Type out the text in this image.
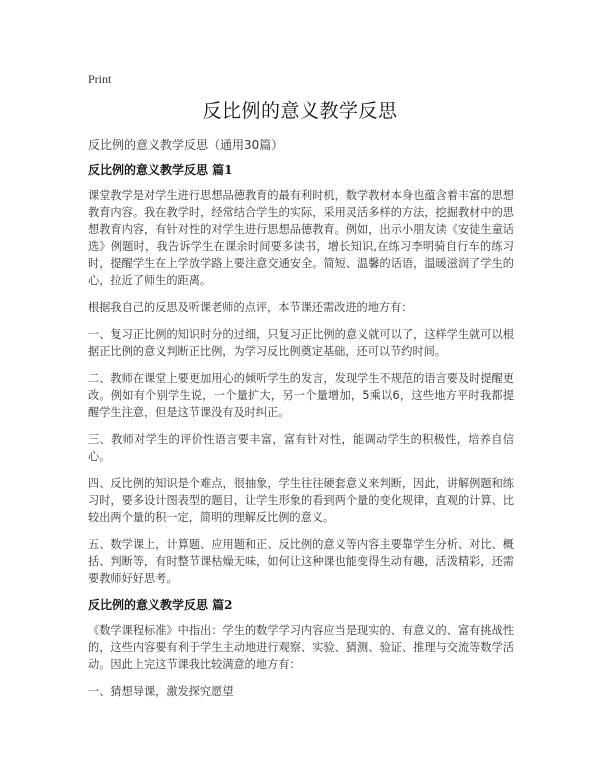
Print
反比例的意义教学反思
反比例的意义教学反思（通用30篇）
反比例的意义教学反思 篇1

课堂教学是对学生进行思想品德教育的最有利时机，数学教材本身也蕴含着丰富的思想教育内容。我在教学时，经常结合学生的实际，采用灵活多样的方法，挖掘教材中的思想教育内容，有针对性的对学生进行思想品德教育。例如，出示小朋友读《安徒生童话选》例题时，我告诉学生在课余时间要多读书，增长知识,在练习李明骑自行车的练习时，提醒学生在上学放学路上要注意交通安全。简短、温馨的话语，温暖滋润了学生的心，拉近了师生的距离。

根据我自己的反思及听课老师的点评，本节课还需改进的地方有：

一、复习正比例的知识时分的过细，只复习正比例的意义就可以了，这样学生就可以根据正比例的意义判断正比例，为学习反比例奠定基础，还可以节约时间。

二、教师在课堂上要更加用心的倾听学生的发言，发现学生不规范的语言要及时提醒更改。例如有个别学生说，一个量扩大，另一个量增加，5乘以6，这些地方平时我都提醒学生注意，但是这节课没有及时纠正。

三、教师对学生的评价性语言要丰富，富有针对性，能调动学生的积极性，培养自信心。

四、反比例的知识是个难点，很抽象，学生往往硬套意义来判断，因此，讲解例题和练习时，要多设计图表型的题目，让学生形象的看到两个量的变化规律，直观的计算、比较出两个量的积一定，简明的理解反比例的意义。

五、数学课上，计算题、应用题和正、反比例的意义等内容主要靠学生分析、对比、概括、判断等，有时整节课枯燥无味，如何让这种课也能变得生动有趣，活泼精彩，还需要教师好好思考。

反比例的意义教学反思 篇2

《数学课程标准》中指出：学生的数学学习内容应当是现实的、有意义的、富有挑战性的，这些内容要有利于学生主动地进行观察、实验、猜测、验证、推理与交流等数学活动。因此上完这节课我比较满意的地方有：

一、猜想导课，激发探究愿望
